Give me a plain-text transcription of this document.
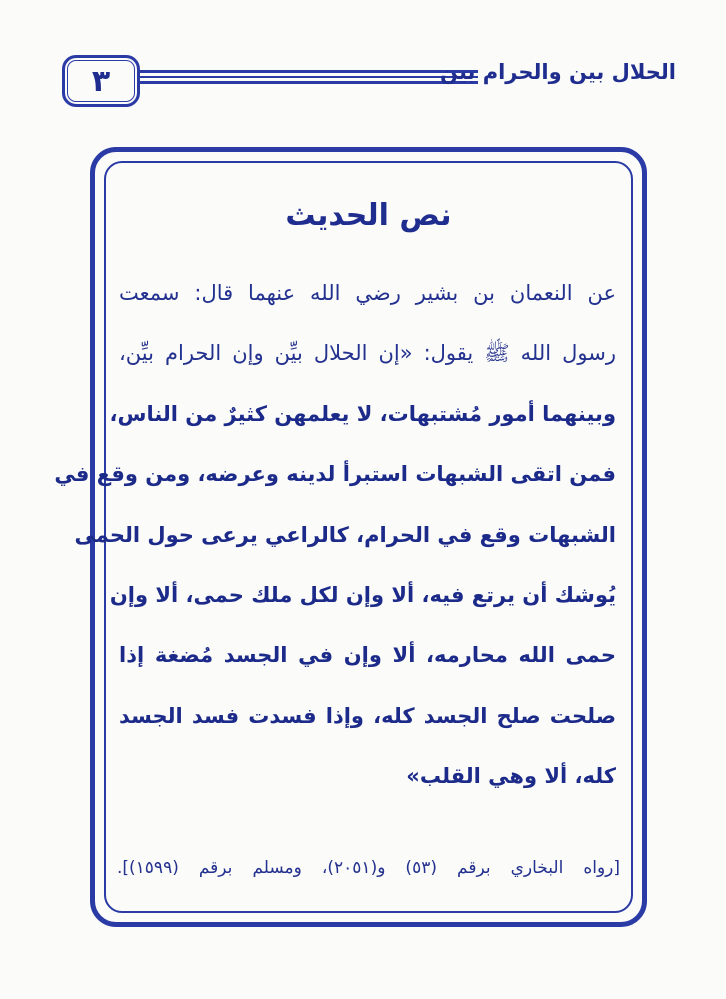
٣	الحلال بين والحرام بين
نص الحديث
عن النعمان بن بشير رضي الله عنهما قال: سمعت
رسول الله ﷺ يقول: «إن الحلال بيِّن وإن الحرام بيِّن،
وبينهما أمور مُشتبهات، لا يعلمهن كثيرٌ من الناس،
فمن اتقى الشبهات استبرأ لدينه وعرضه، ومن وقع في
الشبهات وقع في الحرام، كالراعي يرعى حول الحمى
يُوشك أن يرتع فيه، ألا وإن لكل ملك حمى، ألا وإن
حمى الله محارمه، ألا وإن في الجسد مُضغة إذا
صلحت صلح الجسد كله، وإذا فسدت فسد الجسد
كله، ألا وهي القلب»
[رواه البخاري برقم (٥٣) و(٢٠٥١)، ومسلم برقم (١٥٩٩)].
